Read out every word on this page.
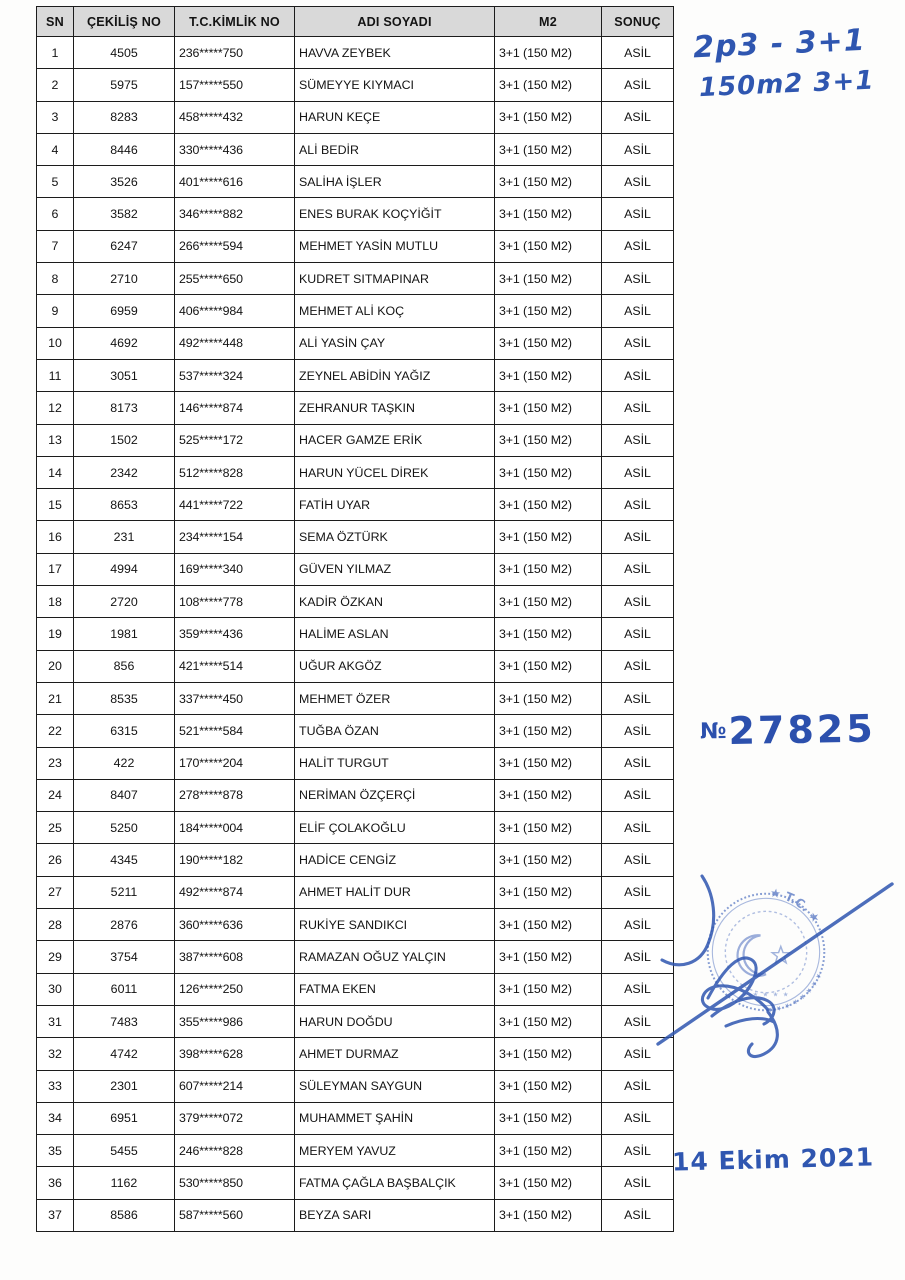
SN	ÇEKİLİŞ NO	T.C.KİMLİK NO	ADI SOYADI	M2	SONUÇ
1	4505	236*****750	HAVVA ZEYBEK	3+1 (150 M2)	ASİL
2	5975	157*****550	SÜMEYYE KIYMACI	3+1 (150 M2)	ASİL
3	8283	458*****432	HARUN KEÇE	3+1 (150 M2)	ASİL
4	8446	330*****436	ALİ BEDİR	3+1 (150 M2)	ASİL
5	3526	401*****616	SALİHA İŞLER	3+1 (150 M2)	ASİL
6	3582	346*****882	ENES BURAK KOÇYİĞİT	3+1 (150 M2)	ASİL
7	6247	266*****594	MEHMET YASİN MUTLU	3+1 (150 M2)	ASİL
8	2710	255*****650	KUDRET SITMAPINAR	3+1 (150 M2)	ASİL
9	6959	406*****984	MEHMET ALİ KOÇ	3+1 (150 M2)	ASİL
10	4692	492*****448	ALİ YASİN ÇAY	3+1 (150 M2)	ASİL
11	3051	537*****324	ZEYNEL ABİDİN YAĞIZ	3+1 (150 M2)	ASİL
12	8173	146*****874	ZEHRANUR TAŞKIN	3+1 (150 M2)	ASİL
13	1502	525*****172	HACER GAMZE ERİK	3+1 (150 M2)	ASİL
14	2342	512*****828	HARUN YÜCEL DİREK	3+1 (150 M2)	ASİL
15	8653	441*****722	FATİH UYAR	3+1 (150 M2)	ASİL
16	231	234*****154	SEMA ÖZTÜRK	3+1 (150 M2)	ASİL
17	4994	169*****340	GÜVEN YILMAZ	3+1 (150 M2)	ASİL
18	2720	108*****778	KADİR ÖZKAN	3+1 (150 M2)	ASİL
19	1981	359*****436	HALİME ASLAN	3+1 (150 M2)	ASİL
20	856	421*****514	UĞUR AKGÖZ	3+1 (150 M2)	ASİL
21	8535	337*****450	MEHMET ÖZER	3+1 (150 M2)	ASİL
22	6315	521*****584	TUĞBA ÖZAN	3+1 (150 M2)	ASİL
23	422	170*****204	HALİT TURGUT	3+1 (150 M2)	ASİL
24	8407	278*****878	NERİMAN ÖZÇERÇİ	3+1 (150 M2)	ASİL
25	5250	184*****004	ELİF ÇOLAKOĞLU	3+1 (150 M2)	ASİL
26	4345	190*****182	HADİCE CENGİZ	3+1 (150 M2)	ASİL
27	5211	492*****874	AHMET HALİT DUR	3+1 (150 M2)	ASİL
28	2876	360*****636	RUKİYE SANDIKCI	3+1 (150 M2)	ASİL
29	3754	387*****608	RAMAZAN OĞUZ YALÇIN	3+1 (150 M2)	ASİL
30	6011	126*****250	FATMA EKEN	3+1 (150 M2)	ASİL
31	7483	355*****986	HARUN DOĞDU	3+1 (150 M2)	ASİL
32	4742	398*****628	AHMET DURMAZ	3+1 (150 M2)	ASİL
33	2301	607*****214	SÜLEYMAN SAYGUN	3+1 (150 M2)	ASİL
34	6951	379*****072	MUHAMMET ŞAHİN	3+1 (150 M2)	ASİL
35	5455	246*****828	MERYEM YAVUZ	3+1 (150 M2)	ASİL
36	1162	530*****850	FATMA ÇAĞLA BAŞBALÇIK	3+1 (150 M2)	ASİL
37	8586	587*****560	BEYZA SARI	3+1 (150 M2)	ASİL
2p3 - 3+1
150m2 3+1
№27825
14 Ekim 2021
★ T.C. ★
★ ★ ★ ★ ★ ★ ★ ★
★ ★ ★ ★ ★
